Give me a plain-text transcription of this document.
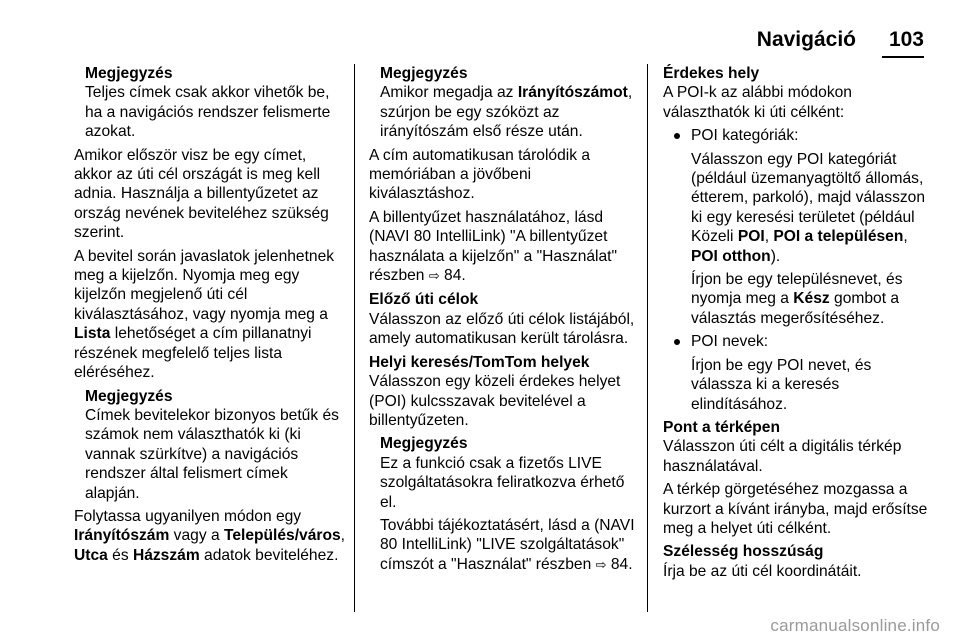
Navigáció 103

Megjegyzés

Teljes címek csak akkor vihetők be, ha a navigációs rendszer felismerte azokat.

Amikor először visz be egy címet, akkor az úti cél országát is meg kell adnia. Használja a billentyűzetet az ország nevének beviteléhez szükség szerint.

A bevitel során javaslatok jelenhetnek meg a kijelzőn. Nyomja meg egy kijelzőn megjelenő úti cél kiválasztásához, vagy nyomja meg a Lista lehetőséget a cím pillanatnyi részének megfelelő teljes lista eléréséhez.

Megjegyzés

Címek bevitelekor bizonyos betűk és számok nem választhatók ki (ki vannak szürkítve) a navigációs rendszer által felismert címek alapján.

Folytassa ugyanilyen módon egy Irányítószám vagy a Település/város, Utca és Házszám adatok beviteléhez.

Megjegyzés

Amikor megadja az Irányítószámot, szúrjon be egy szóközt az irányítószám első része után.

A cím automatikusan tárolódik a memóriában a jövőbeni kiválasztáshoz.

A billentyűzet használatához, lásd (NAVI 80 IntelliLink) "A billentyűzet használata a kijelzőn" a "Használat" részben ⇨ 84.

Előző úti célok

Válasszon az előző úti célok listájából, amely automatikusan került tárolásra.

Helyi keresés/TomTom helyek

Válasszon egy közeli érdekes helyet (POI) kulcsszavak bevitelével a billentyűzeten.

Megjegyzés

Ez a funkció csak a fizetős LIVE szolgáltatásokra feliratkozva érhető el.

További tájékoztatásért, lásd a (NAVI 80 IntelliLink) "LIVE szolgáltatások" címszót a "Használat" részben ⇨ 84.

Érdekes hely

A POI-k az alábbi módokon választhatók ki úti célként:

POI kategóriák:

Válasszon egy POI kategóriát (például üzemanyagtöltő állomás, étterem, parkoló), majd válasszon ki egy keresési területet (például Közeli POI, POI a településen, POI otthon).

Írjon be egy településnevet, és nyomja meg a Kész gombot a választás megerősítéséhez.

POI nevek:

Írjon be egy POI nevet, és válassza ki a keresés elindításához.

Pont a térképen

Válasszon úti célt a digitális térkép használatával.

A térkép görgetéséhez mozgassa a kurzort a kívánt irányba, majd erősítse meg a helyet úti célként.

Szélesség hosszúság

Írja be az úti cél koordinátáit.

carmanualsonline.info
